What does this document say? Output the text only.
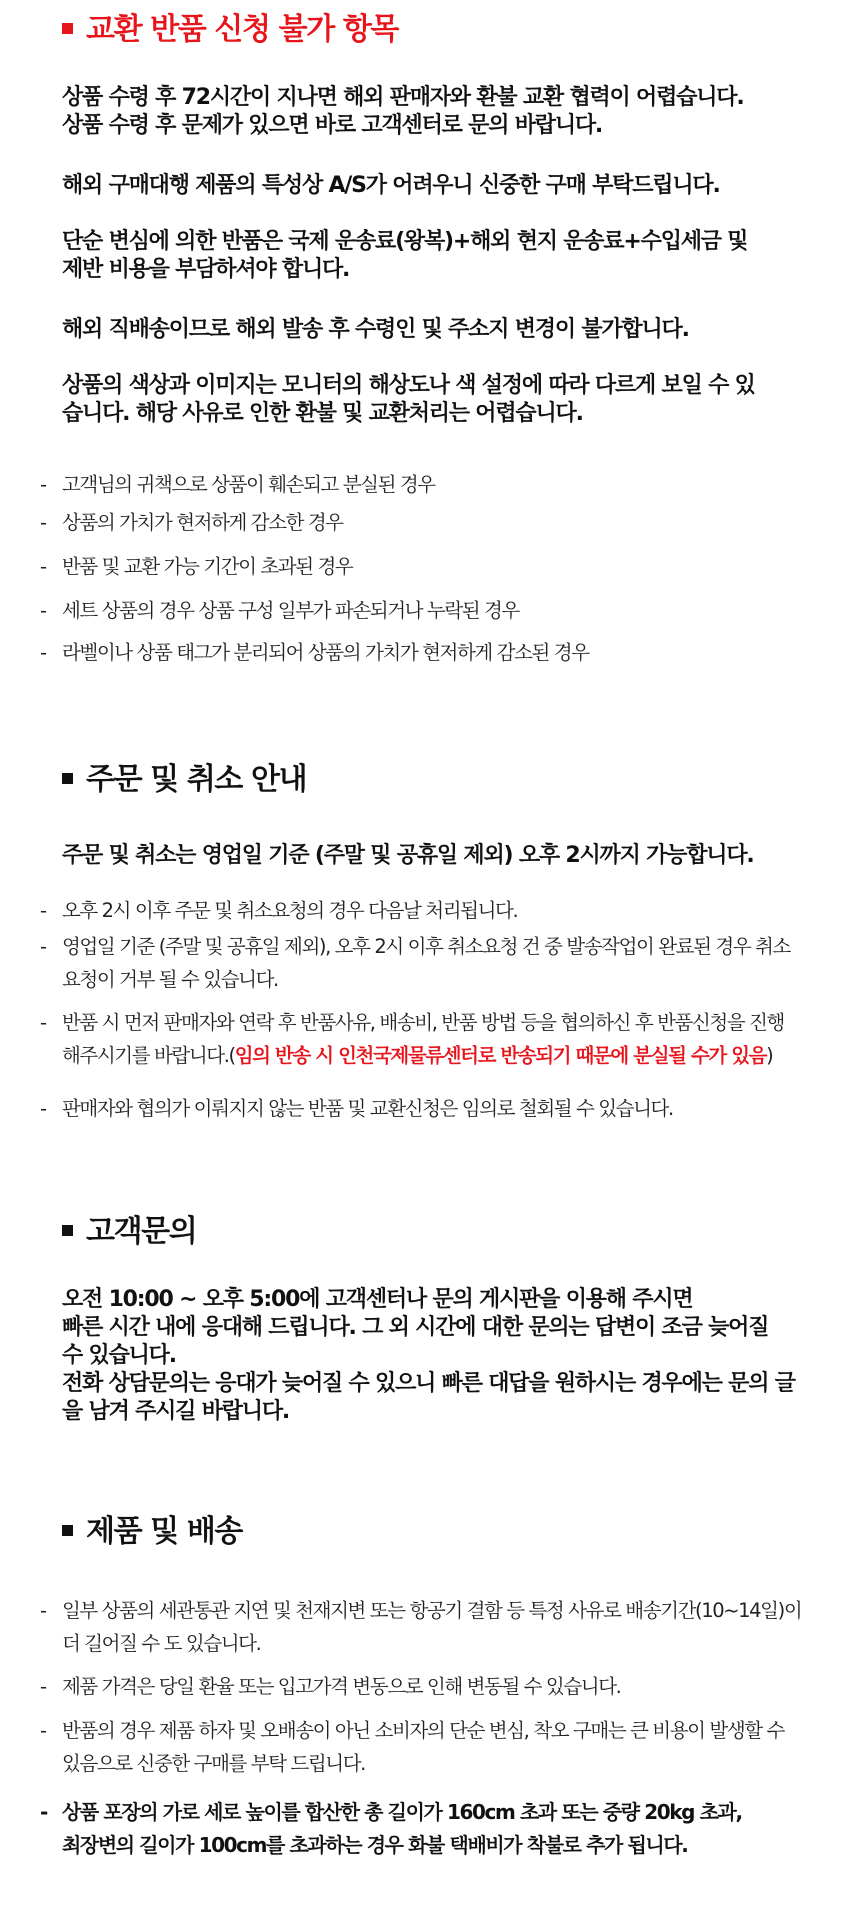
교환 반품 신청 불가 항목
상품 수령 후 72시간이 지나면 해외 판매자와 환불 교환 협력이 어렵습니다.
상품 수령 후 문제가 있으면 바로 고객센터로 문의 바랍니다.
해외 구매대행 제품의 특성상 A/S가 어려우니 신중한 구매 부탁드립니다.
단순 변심에 의한 반품은 국제 운송료(왕복)+해외 현지 운송료+수입세금 및
제반 비용을 부담하셔야 합니다.
해외 직배송이므로 해외 발송 후 수령인 및 주소지 변경이 불가합니다.
상품의 색상과 이미지는 모니터의 해상도나 색 설정에 따라 다르게 보일 수 있
습니다. 해당 사유로 인한 환불 및 교환처리는 어렵습니다.
- 고객님의 귀책으로 상품이 훼손되고 분실된 경우
- 상품의 가치가 현저하게 감소한 경우
- 반품 및 교환 가능 기간이 초과된 경우
- 세트 상품의 경우 상품 구성 일부가 파손되거나 누락된 경우
- 라벨이나 상품 태그가 분리되어 상품의 가치가 현저하게 감소된 경우
주문 및 취소 안내
주문 및 취소는 영업일 기준 (주말 및 공휴일 제외) 오후 2시까지 가능합니다.
- 오후 2시 이후 주문 및 취소요청의 경우 다음날 처리됩니다.
- 영업일 기준 (주말 및 공휴일 제외), 오후 2시 이후 취소요청 건 중 발송작업이 완료된 경우 취소
요청이 거부 될 수 있습니다.
- 반품 시 먼저 판매자와 연락 후 반품사유, 배송비, 반품 방법 등을 협의하신 후 반품신청을 진행
해주시기를 바랍니다.(임의 반송 시 인천국제물류센터로 반송되기 때문에 분실될 수가 있음)
- 판매자와 협의가 이뤄지지 않는 반품 및 교환신청은 임의로 철회될 수 있습니다.
고객문의
오전 10:00 ~ 오후 5:00에 고객센터나 문의 게시판을 이용해 주시면
빠른 시간 내에 응대해 드립니다. 그 외 시간에 대한 문의는 답변이 조금 늦어질
수 있습니다.
전화 상담문의는 응대가 늦어질 수 있으니 빠른 대답을 원하시는 경우에는 문의 글
을 남겨 주시길 바랍니다.
제품 및 배송
- 일부 상품의 세관통관 지연 및 천재지변 또는 항공기 결함 등 특정 사유로 배송기간(10~14일)이
더 길어질 수 도 있습니다.
- 제품 가격은 당일 환율 또는 입고가격 변동으로 인해 변동될 수 있습니다.
- 반품의 경우 제품 하자 및 오배송이 아닌 소비자의 단순 변심, 착오 구매는 큰 비용이 발생할 수
있음으로 신중한 구매를 부탁 드립니다.
- 상품 포장의 가로 세로 높이를 합산한 총 길이가 160cm 초과 또는 중량 20kg 초과,
최장변의 길이가 100cm를 초과하는 경우 화불 택배비가 착불로 추가 됩니다.
